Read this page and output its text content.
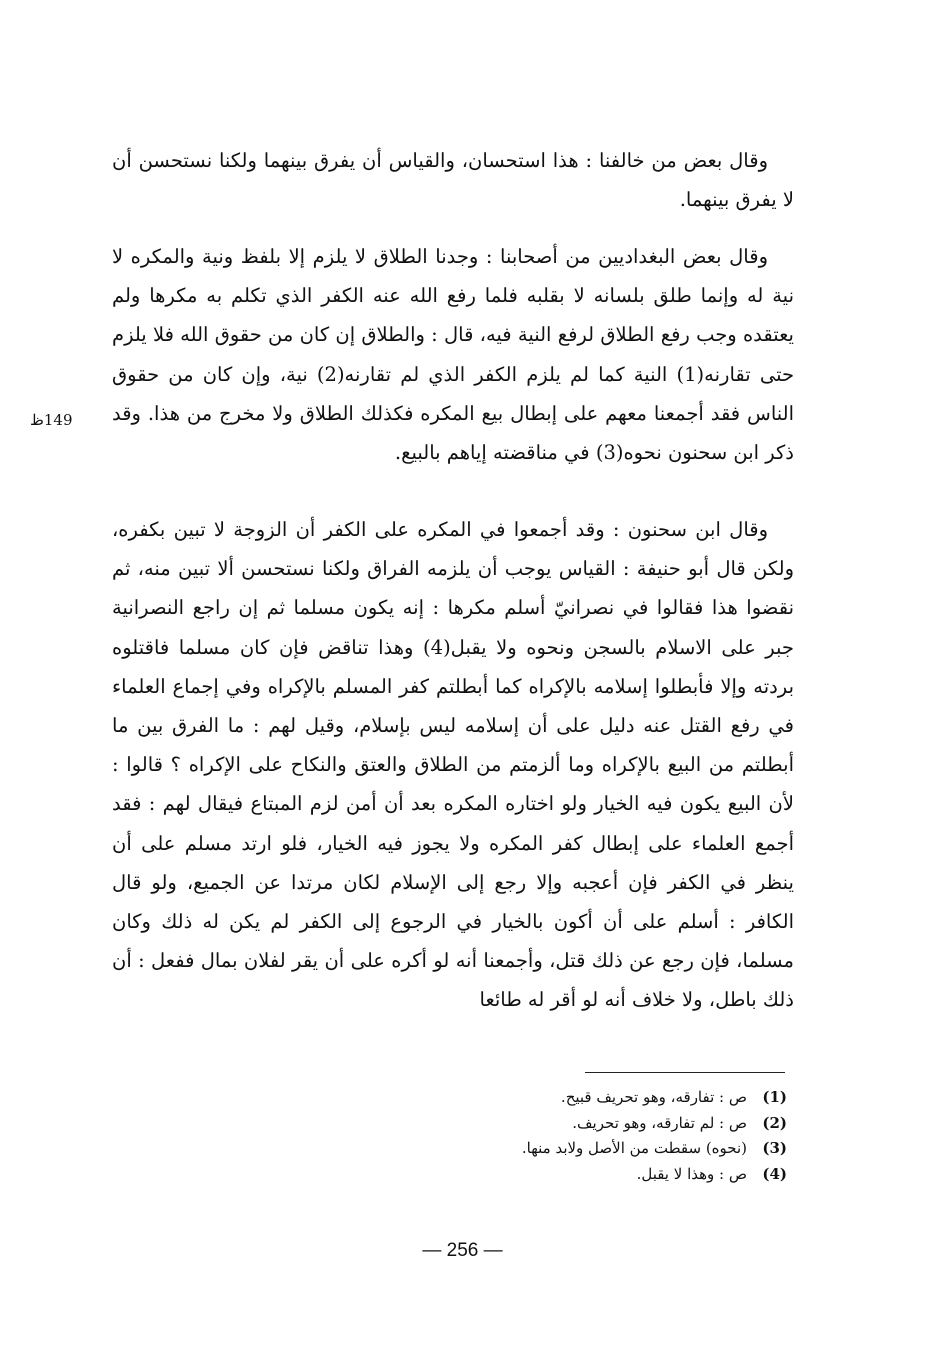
وقال بعض من خالفنا : هذا استحسان، والقياس أن يفرق بينهما ولكنا نستحسن أن لا يفرق بينهما.

وقال بعض البغداديين من أصحابنا : وجدنا الطلاق لا يلزم إلا بلفظ ونية والمكره لا نية له وإنما طلق بلسانه لا بقلبه فلما رفع الله عنه الكفر الذي تكلم به مكرها ولم يعتقده وجب رفع الطلاق لرفع النية فيه، قال : والطلاق إن كان من حقوق الله فلا يلزم حتى تقارنه(1) النية كما لم يلزم الكفر الذي لم تقارنه(2) نية، وإن كان من حقوق الناس فقد أجمعنا معهم على إبطال بيع المكره فكذلك الطلاق ولا مخرج من هذا. وقد ذكر ابن سحنون نحوه(3) في مناقضته إياهم بالبيع.

وقال ابن سحنون : وقد أجمعوا في المكره على الكفر أن الزوجة لا تبين بكفره، ولكن قال أبو حنيفة : القياس يوجب أن يلزمه الفراق ولكنا نستحسن ألا تبين منه، ثم نقضوا هذا فقالوا في نصرانيّ أسلم مكرها : إنه يكون مسلما ثم إن راجع النصرانية جبر على الاسلام بالسجن ونحوه ولا يقبل(4) وهذا تناقض فإن كان مسلما فاقتلوه بردته وإلا فأبطلوا إسلامه بالإكراه كما أبطلتم كفر المسلم بالإكراه وفي إجماع العلماء في رفع القتل عنه دليل على أن إسلامه ليس بإسلام، وقيل لهم : ما الفرق بين ما أبطلتم من البيع بالإكراه وما ألزمتم من الطلاق والعتق والنكاح على الإكراه ؟ قالوا : لأن البيع يكون فيه الخيار ولو اختاره المكره بعد أن أمن لزم المبتاع فيقال لهم : فقد أجمع العلماء على إبطال كفر المكره ولا يجوز فيه الخيار، فلو ارتد مسلم على أن ينظر في الكفر فإن أعجبه وإلا رجع إلى الإسلام لكان مرتدا عن الجميع، ولو قال الكافر : أسلم على أن أكون بالخيار في الرجوع إلى الكفر لم يكن له ذلك وكان مسلما، فإن رجع عن ذلك قتل، وأجمعنا أنه لو أكره على أن يقر لفلان بمال ففعل : أن ذلك باطل، ولا خلاف أنه لو أقر له طائعا

149ظ
(1)
ص : تفارقه، وهو تحريف قبيح.
(2)
ص : لم تفارقه، وهو تحريف.
(3)
(نحوه) سقطت من الأصل ولابد منها.
(4)
ص : وهذا لا يقبل.
— 256 —
